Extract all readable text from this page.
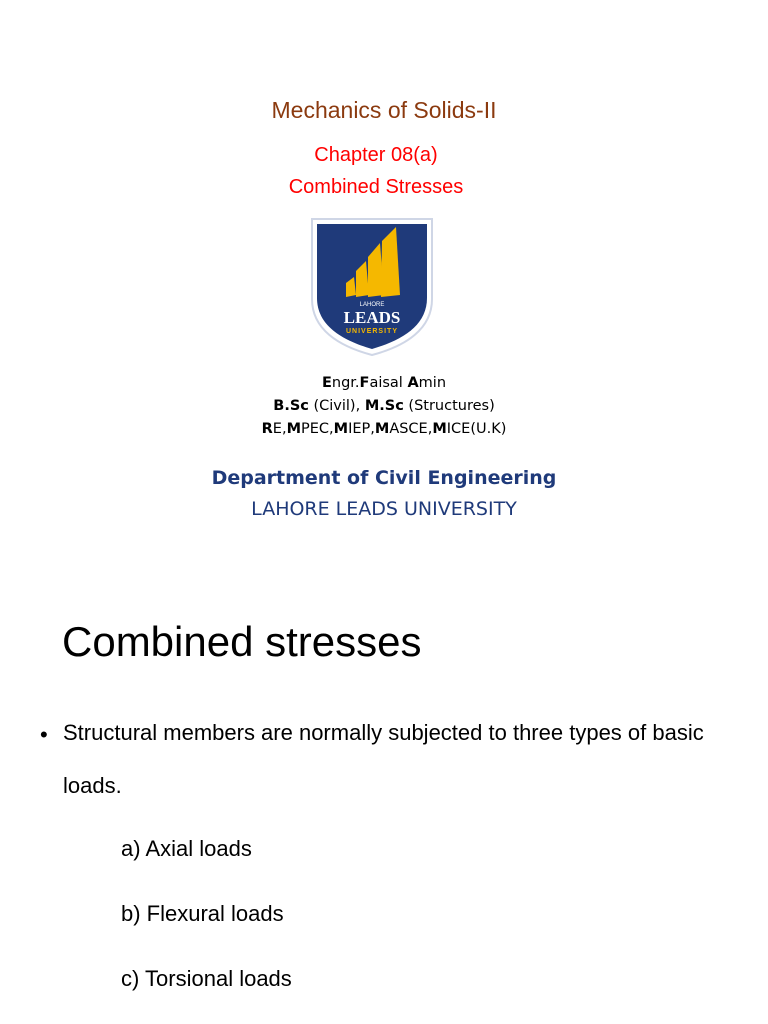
Mechanics of Solids-II
Chapter 08(a)
Combined Stresses
LAHORE
LEADS
UNIVERSITY
Engr.Faisal Amin
B.Sc (Civil), M.Sc (Structures)
RE,MPEC,MIEP,MASCE,MICE(U.K)
Department of Civil Engineering
LAHORE LEADS UNIVERSITY
Combined stresses
• Structural members are normally subjected to three types of basic loads.
a) Axial loads
b) Flexural loads
c) Torsional loads
